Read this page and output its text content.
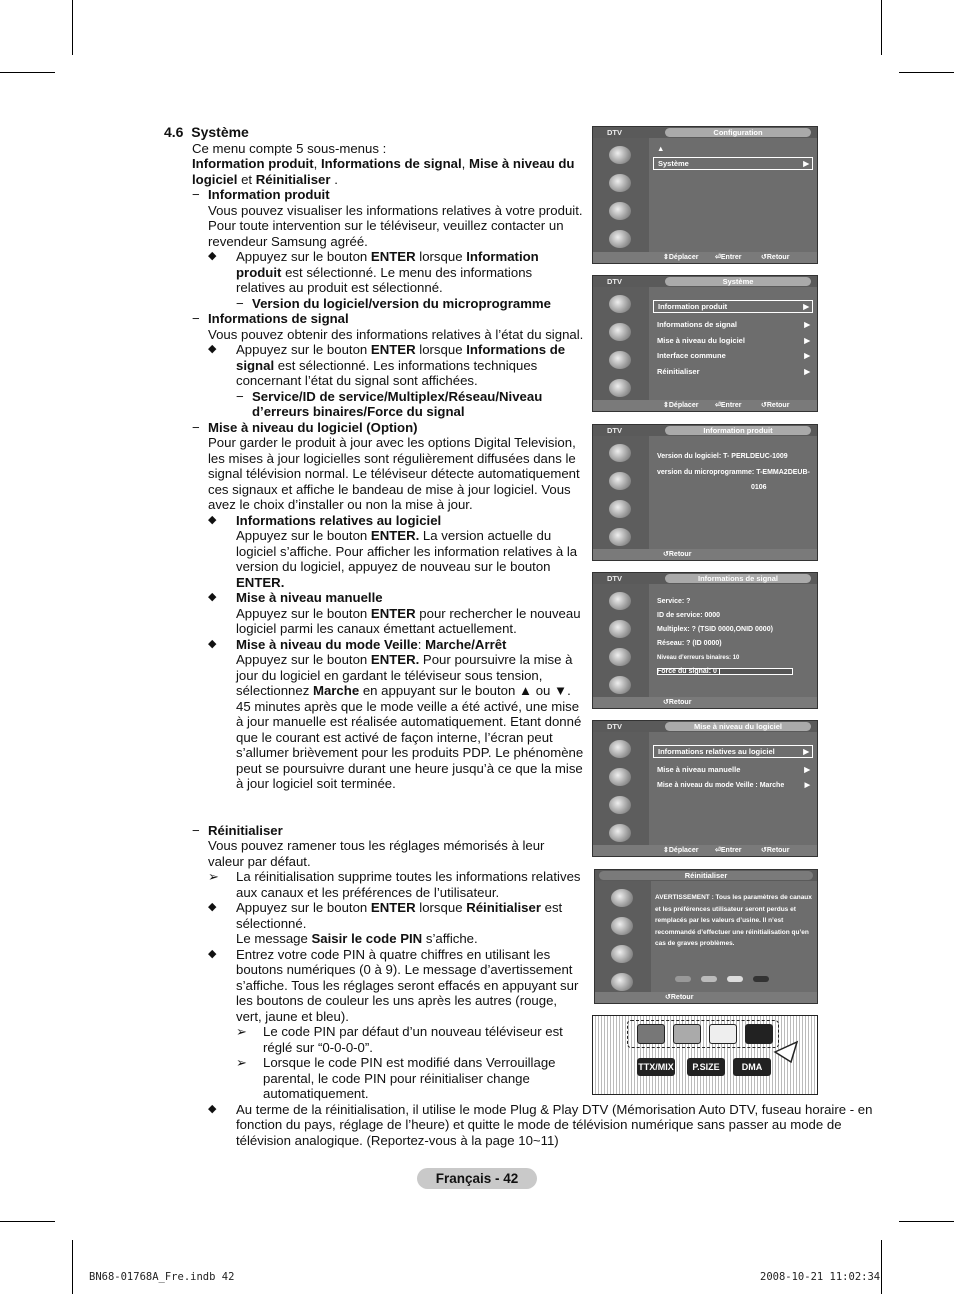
4.6 Système
Ce menu compte 5 sous-menus :
Information produit, Informations de signal, Mise à niveau du logiciel et Réinitialiser .
− Information produit
Vous pouvez visualiser les informations relatives à votre produit. Pour toute intervention sur le téléviseur, veuillez contacter un revendeur Samsung agréé.
◆ Appuyez sur le bouton ENTER lorsque Information produit est sélectionné. Le menu des informations relatives au produit est sélectionné.
− Version du logiciel/version du microprogramme
− Informations de signal
Vous pouvez obtenir des informations relatives à l’état du signal.
◆ Appuyez sur le bouton ENTER lorsque Informations de signal est sélectionné. Les informations techniques concernant l’état du signal sont affichées.
− Service/ID de service/Multiplex/Réseau/Niveau d’erreurs binaires/Force du signal
− Mise à niveau du logiciel (Option)
Pour garder le produit à jour avec les options Digital Television, les mises à jour logicielles sont régulièrement diffusées dans le signal télévision normal. Le téléviseur détecte automatiquement ces signaux et affiche le bandeau de mise à jour logiciel. Vous avez le choix d’installer ou non la mise à jour.
◆ Informations relatives au logiciel
Appuyez sur le bouton ENTER. La version actuelle du logiciel s’affiche. Pour afficher les information relatives à la version du logiciel, appuyez de nouveau sur le bouton ENTER.
◆ Mise à niveau manuelle
Appuyez sur le bouton ENTER pour rechercher le nouveau logiciel parmi les canaux émettant actuellement.
◆ Mise à niveau du mode Veille: Marche/Arrêt
Appuyez sur le bouton ENTER. Pour poursuivre la mise à jour du logiciel en gardant le téléviseur sous tension, sélectionnez Marche en appuyant sur le bouton ▲ ou ▼.
45 minutes après que le mode veille a été activé, une mise à jour manuelle est réalisée automatiquement. Etant donné que le courant est activé de façon interne, l’écran peut s’allumer brièvement pour les produits PDP. Le phénomène peut se poursuivre durant une heure jusqu’à ce que la mise à jour logiciel soit terminée.
− Réinitialiser
Vous pouvez ramener tous les réglages mémorisés à leur valeur par défaut.
➢ La réinitialisation supprime toutes les informations relatives aux canaux et les préférences de l’utilisateur.
◆ Appuyez sur le bouton ENTER lorsque Réinitialiser est sélectionné.
Le message Saisir le code PIN s’affiche.
◆ Entrez votre code PIN à quatre chiffres en utilisant les boutons numériques (0 à 9). Le message d’avertissement s’affiche. Tous les réglages seront effacés en appuyant sur les boutons de couleur les uns après les autres (rouge, vert, jaune et bleu).
➢ Le code PIN par défaut d’un nouveau téléviseur est réglé sur “0-0-0-0”.
➢ Lorsque le code PIN est modifié dans Verrouillage parental, le code PIN pour réinitialiser change automatiquement.
◆ Au terme de la réinitialisation, il utilise le mode Plug & Play DTV (Mémorisation Auto DTV, fuseau horaire - en fonction du pays, réglage de l’heure) et quitte le mode de télévision numérique sans passer au mode de télévision analogique. (Reportez-vous à la page 10~11)
DTV	Configuration
▲
Système	▶
⇕ Déplacer ⏎ Entrer	↺ Retour
DTV	Système
Information produit	▶
Informations de signal	▶
Mise à niveau du logiciel	▶
Interface commune	▶
Réinitialiser	▶
⇕ Déplacer ⏎ Entrer	↺ Retour
DTV	Information produit
Version du logiciel: T- PERLDEUC-1009
version du microprogramme: T-EMMA2DEUB-
0106
↺ Retour
DTV	Informations de signal
Service: ?
ID de service: 0000
Multiplex: ? (TSID 0000,ONID 0000)
Réseau: ? (ID 0000)
Niveau d’erreurs binaires: 10
Force du signal: 0
↺ Retour
DTV	Mise à niveau du logiciel
Informations relatives au logiciel	▶
Mise à niveau manuelle	▶
Mise à niveau du mode Veille : Marche	▶
⇕ Déplacer ⏎ Entrer	↺ Retour
Réinitialiser
AVERTISSEMENT : Tous les paramètres de canaux et les préférences utilisateur seront perdus et remplacés par les valeurs d’usine. Il n’est recommandé d’effectuer une réinitialisation qu’en cas de graves problèmes.
↺ Retour
TTX/MIX	P.SIZE	DMA
Français - 42
BN68-01768A_Fre.indb 42	2008-10-21 11:02:34
